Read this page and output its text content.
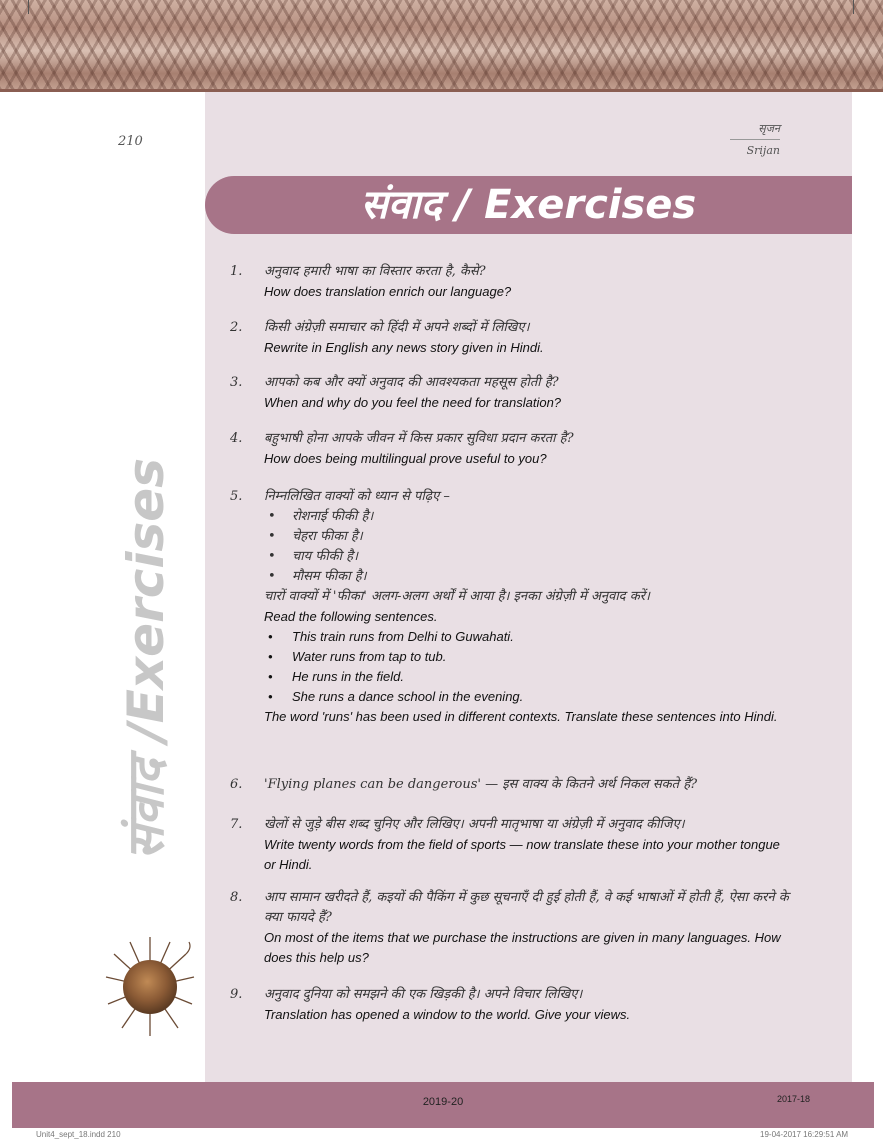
210
सृजन
Srijan
संवाद / Exercises
संवाद /Exercises
1. अनुवाद हमारी भाषा का विस्तार करता है, कैसे?
How does translation enrich our language?
2. किसी अंग्रेज़ी समाचार को हिंदी में अपने शब्दों में लिखिए।
Rewrite in English any news story given in Hindi.
3. आपको कब और क्यों अनुवाद की आवश्यकता महसूस होती है?
When and why do you feel the need for translation?
4. बहुभाषी होना आपके जीवन में किस प्रकार सुविधा प्रदान करता है?
How does being multilingual prove useful to you?
5. निम्नलिखित वाक्यों को ध्यान से पढ़िए –
• रोशनाई फीकी है।
• चेहरा फीका है।
• चाय फीकी है।
• मौसम फीका है।
चारों वाक्यों में 'फीका' अलग-अलग अर्थों में आया है। इनका अंग्रेज़ी में अनुवाद करें।
Read the following sentences.
• This train runs from Delhi to Guwahati.
• Water runs from tap to tub.
• He runs in the field.
• She runs a dance school in the evening.
The word 'runs' has been used in different contexts. Translate these sentences into Hindi.
6. 'Flying planes can be dangerous' — इस वाक्य के कितने अर्थ निकल सकते हैं?
7. खेलों से जुड़े बीस शब्द चुनिए और लिखिए। अपनी मातृभाषा या अंग्रेज़ी में अनुवाद कीजिए।
Write twenty words from the field of sports — now translate these into your mother tongue or Hindi.
8. आप सामान खरीदते हैं, कइयों की पैकिंग में कुछ सूचनाएँ दी हुई होती हैं, वे कई भाषाओं में होती हैं, ऐसा करने के क्या फायदे हैं?
On most of the items that we purchase the instructions are given in many languages. How does this help us?
9. अनुवाद दुनिया को समझने की एक खिड़की है। अपने विचार लिखिए।
Translation has opened a window to the world. Give your views.
2019-20	2017-18
Unit4_sept_18.indd 210	19-04-2017 16:29:51 AM
